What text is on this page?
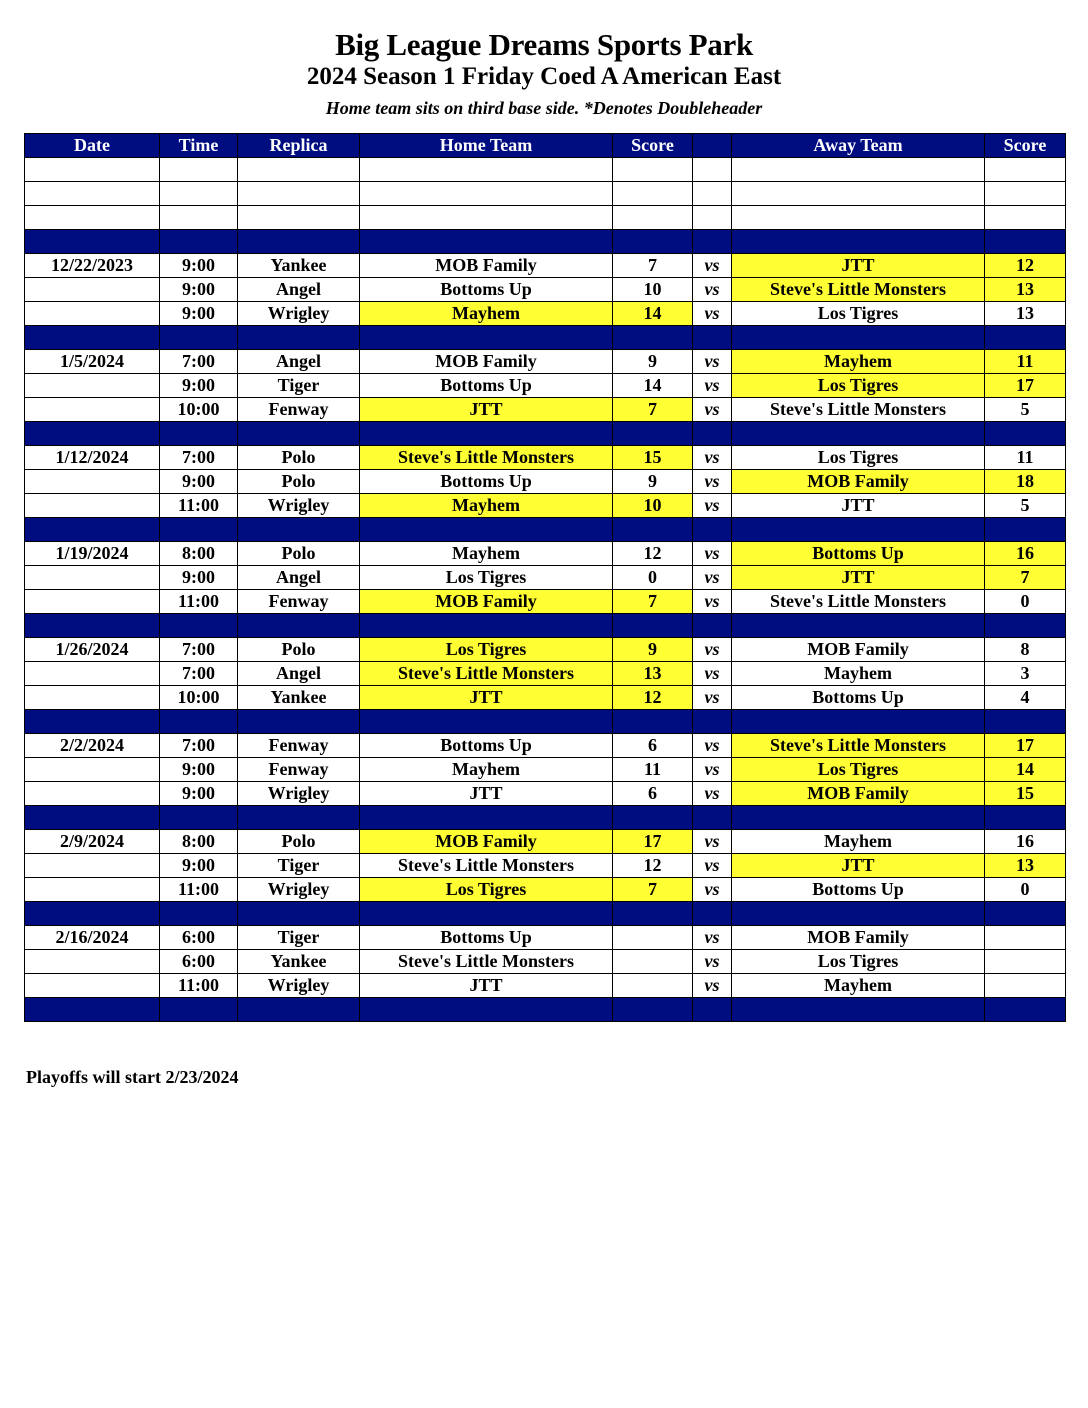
Big League Dreams Sports Park
2024 Season 1 Friday Coed A American East
Home team sits on third base side. *Denotes Doubleheader
Date	Time	Replica	Home Team	Score		Away Team	Score

12/22/2023	9:00	Yankee	MOB Family	7	vs	JTT	12
	9:00	Angel	Bottoms Up	10	vs	Steve's Little Monsters	13
	9:00	Wrigley	Mayhem	14	vs	Los Tigres	13

1/5/2024	7:00	Angel	MOB Family	9	vs	Mayhem	11
	9:00	Tiger	Bottoms Up	14	vs	Los Tigres	17
	10:00	Fenway	JTT	7	vs	Steve's Little Monsters	5

1/12/2024	7:00	Polo	Steve's Little Monsters	15	vs	Los Tigres	11
	9:00	Polo	Bottoms Up	9	vs	MOB Family	18
	11:00	Wrigley	Mayhem	10	vs	JTT	5

1/19/2024	8:00	Polo	Mayhem	12	vs	Bottoms Up	16
	9:00	Angel	Los Tigres	0	vs	JTT	7
	11:00	Fenway	MOB Family	7	vs	Steve's Little Monsters	0

1/26/2024	7:00	Polo	Los Tigres	9	vs	MOB Family	8
	7:00	Angel	Steve's Little Monsters	13	vs	Mayhem	3
	10:00	Yankee	JTT	12	vs	Bottoms Up	4

2/2/2024	7:00	Fenway	Bottoms Up	6	vs	Steve's Little Monsters	17
	9:00	Fenway	Mayhem	11	vs	Los Tigres	14
	9:00	Wrigley	JTT	6	vs	MOB Family	15

2/9/2024	8:00	Polo	MOB Family	17	vs	Mayhem	16
	9:00	Tiger	Steve's Little Monsters	12	vs	JTT	13
	11:00	Wrigley	Los Tigres	7	vs	Bottoms Up	0

2/16/2024	6:00	Tiger	Bottoms Up		vs	MOB Family	
	6:00	Yankee	Steve's Little Monsters		vs	Los Tigres	
	11:00	Wrigley	JTT		vs	Mayhem	

Playoffs will start 2/23/2024
